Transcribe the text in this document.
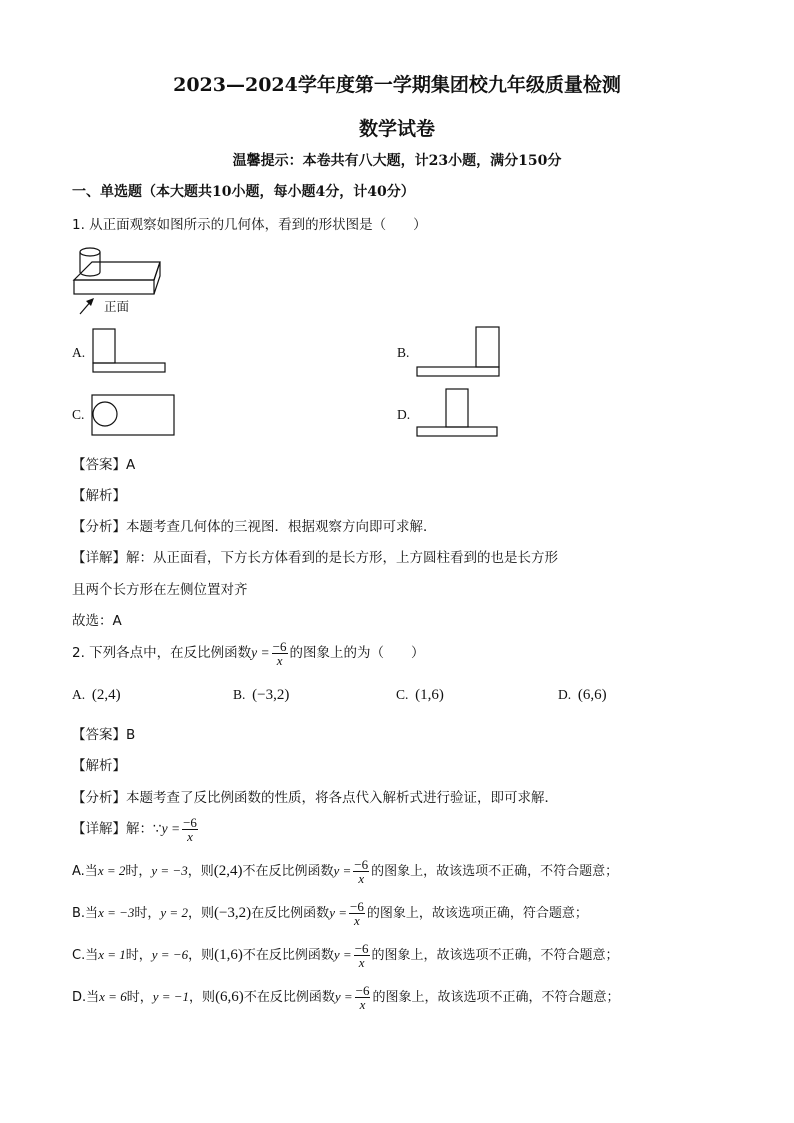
2023—2024学年度第一学期集团校九年级质量检测
数学试卷
温馨提示：本卷共有八大题，计23小题，满分150分
一、单选题（本大题共10小题，每小题4分，计40分）
1. 从正面观察如图所示的几何体，看到的形状图是（　　）
正面
A.	B.
C.	D.
【答案】A
【解析】
【分析】本题考查几何体的三视图．根据观察方向即可求解．
【详解】解：从正面看，下方长方体看到的是长方形，上方圆柱看到的也是长方形
且两个长方形在左侧位置对齐
故选：A
2. 下列各点中，在反比例函数$y = \frac{-6}{x}$ 的图象上的为（　　）
A. (2,4)	B. (−3,2)	C. (1,6)	D. (6,6)
【答案】B
【解析】
【分析】本题考查了反比例函数的性质，将各点代入解析式进行验证，即可求解．
【详解】解：∵y = $\frac{-6}{x}$
A.当x = 2时，y = −3，则(2,4)不在反比例函数$y = \frac{-6}{x}$ 的图象上，故该选项不正确，不符合题意；
B.当x = −3时，y = 2，则(−3,2)在反比例函数$y = \frac{-6}{x}$ 的图象上，故该选项正确，符合题意；
C.当x = 1时，y = −6，则(1,6)不在反比例函数$y = \frac{-6}{x}$ 的图象上，故该选项不正确，不符合题意；
D.当x = 6时，y = −1，则(6,6)不在反比例函数$y = \frac{-6}{x}$ 的图象上，故该选项不正确，不符合题意；
